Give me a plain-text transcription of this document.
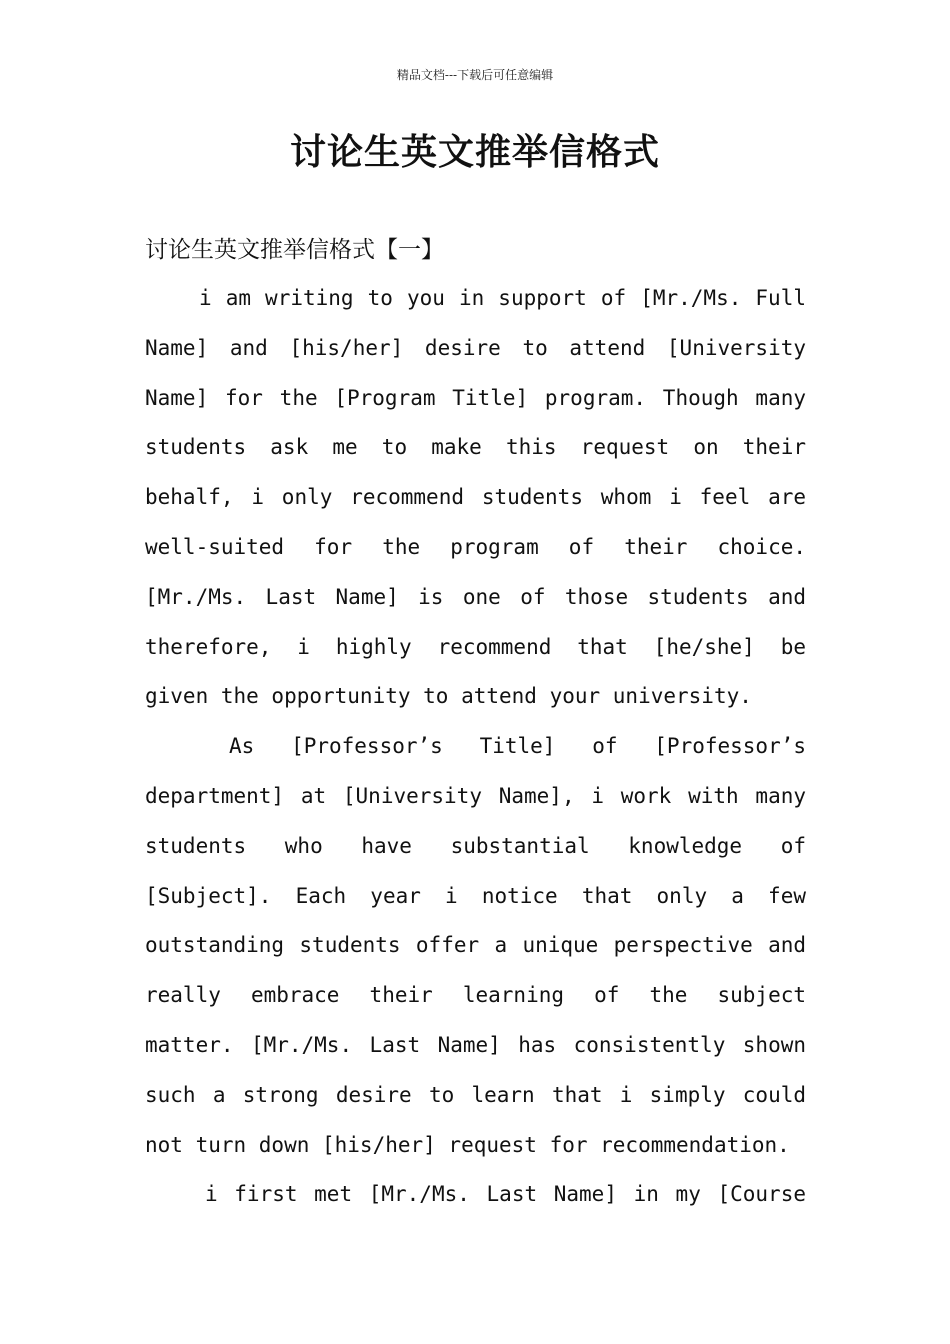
精品文档---下载后可任意编辑
讨论生英文推举信格式
讨论生英文推举信格式【一】
i am writing to you in support of [Mr./Ms. Full
Name] and [his/her] desire to attend [University
Name] for the [Program Title] program. Though many
students ask me to make this request on their
behalf, i only recommend students whom i feel are
well-suited for the program of their choice.
[Mr./Ms. Last Name] is one of those students and
therefore, i highly recommend that [he/she] be
given the opportunity to attend your university.
As [Professor’s Title] of [Professor’s
department] at [University Name], i work with many
students who have substantial knowledge of
[Subject]. Each year i notice that only a few
outstanding students offer a unique perspective and
really embrace their learning of the subject
matter. [Mr./Ms. Last Name] has consistently shown
such a strong desire to learn that i simply could
not turn down [his/her] request for recommendation.
i first met [Mr./Ms. Last Name] in my [Course
